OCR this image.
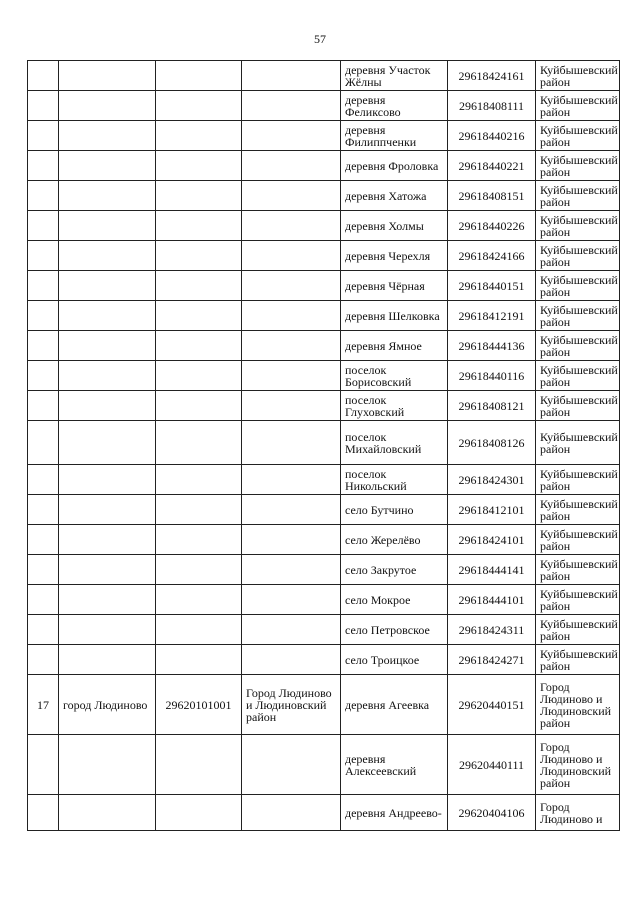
57
				деревня Участок Жёлны	29618424161	Куйбышевский район
				деревня Феликсово	29618408111	Куйбышевский район
				деревня Филиппченки	29618440216	Куйбышевский район
				деревня Фроловка	29618440221	Куйбышевский район
				деревня Хатожа	29618408151	Куйбышевский район
				деревня Холмы	29618440226	Куйбышевский район
				деревня Черехля	29618424166	Куйбышевский район
				деревня Чёрная	29618440151	Куйбышевский район
				деревня Шелковка	29618412191	Куйбышевский район
				деревня Ямное	29618444136	Куйбышевский район
				поселок Борисовский	29618440116	Куйбышевский район
				поселок Глуховский	29618408121	Куйбышевский район
				поселок Михайловский	29618408126	Куйбышевский район
				поселок Никольский	29618424301	Куйбышевский район
				село Бутчино	29618412101	Куйбышевский район
				село Жерелёво	29618424101	Куйбышевский район
				село Закрутое	29618444141	Куйбышевский район
				село Мокрое	29618444101	Куйбышевский район
				село Петровское	29618424311	Куйбышевский район
				село Троицкое	29618424271	Куйбышевский район
17	город Людиново	29620101001	Город Людиново и Людиновский район	деревня Агеевка	29620440151	Город Людиново и Людиновский район
				деревня Алексеевский	29620440111	Город Людиново и Людиновский район
				деревня Андреево-	29620404106	Город Людиново и
